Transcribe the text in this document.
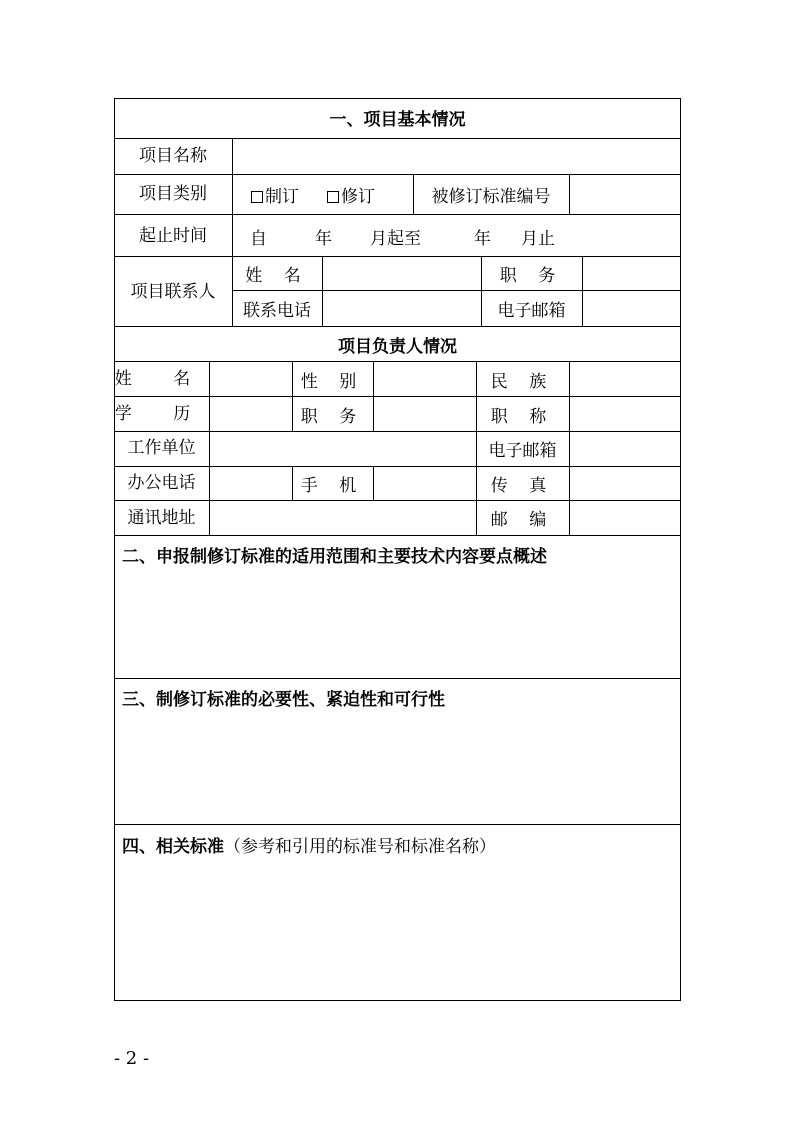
一、项目基本情况
项目名称
项目类别	制订	修订	被修订标准编号
起止时间	自	年 月起至	年 月止
项目联系人
姓 名	职 务
联系电话	电子邮箱
项目负责人情况
姓 名	性 别	民 族
学 历	职 务	职 称
工作单位	电子邮箱
办公电话	手 机	传 真
通讯地址	邮 编
二、申报制修订标准的适用范围和主要技术内容要点概述
三、制修订标准的必要性、紧迫性和可行性
四、相关标准（参考和引用的标准号和标准名称）
- 2 -
